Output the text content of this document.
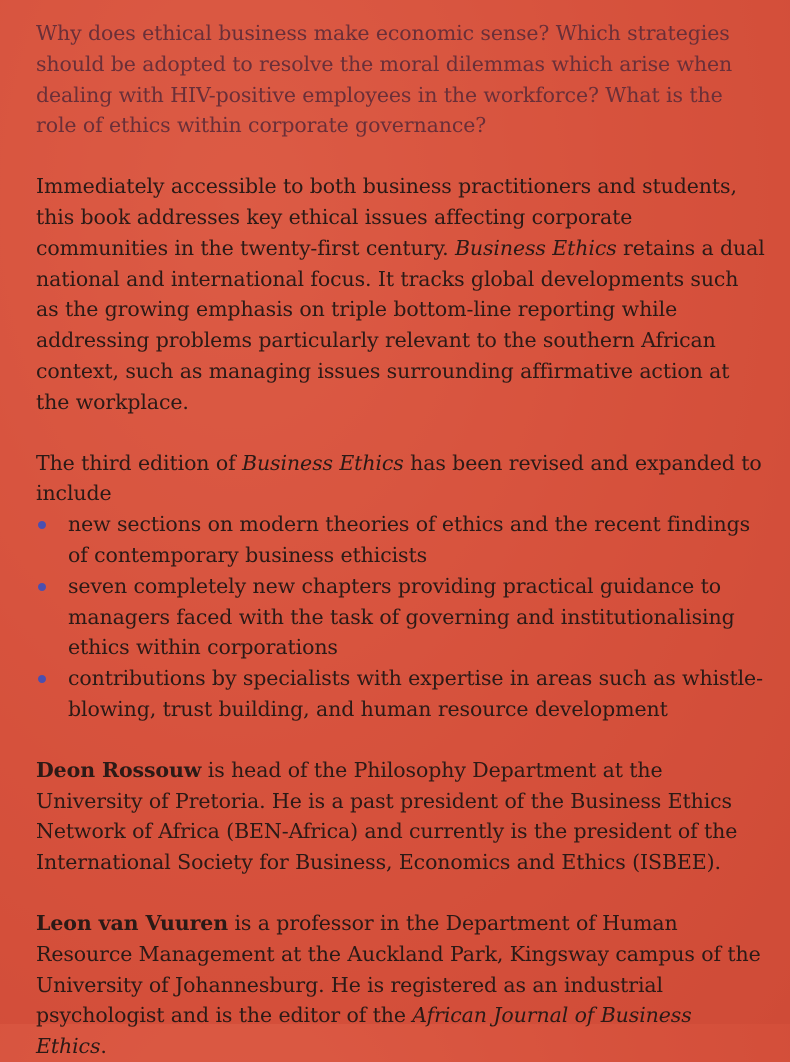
Why does ethical business make economic sense? Which strategies should be adopted to resolve the moral dilemmas which arise when dealing with HIV-positive employees in the workforce? What is the role of ethics within corporate governance?

Immediately accessible to both business practitioners and students, this book addresses key ethical issues affecting corporate communities in the twenty-first century. Business Ethics retains a dual national and international focus. It tracks global developments such as the growing emphasis on triple bottom-line reporting while addressing problems particularly relevant to the southern African context, such as managing issues surrounding affirmative action at the workplace.

The third edition of Business Ethics has been revised and expanded to include

new sections on modern theories of ethics and the recent findings of contemporary business ethicists
seven completely new chapters providing practical guidance to managers faced with the task of governing and institutionalising ethics within corporations
contributions by specialists with expertise in areas such as whistle-blowing, trust building, and human resource development

Deon Rossouw is head of the Philosophy Department at the University of Pretoria. He is a past president of the Business Ethics Network of Africa (BEN-Africa) and currently is the president of the International Society for Business, Economics and Ethics (ISBEE).

Leon van Vuuren is a professor in the Department of Human Resource Management at the Auckland Park, Kingsway campus of the University of Johannesburg. He is registered as an industrial psychologist and is the editor of the African Journal of Business Ethics.
